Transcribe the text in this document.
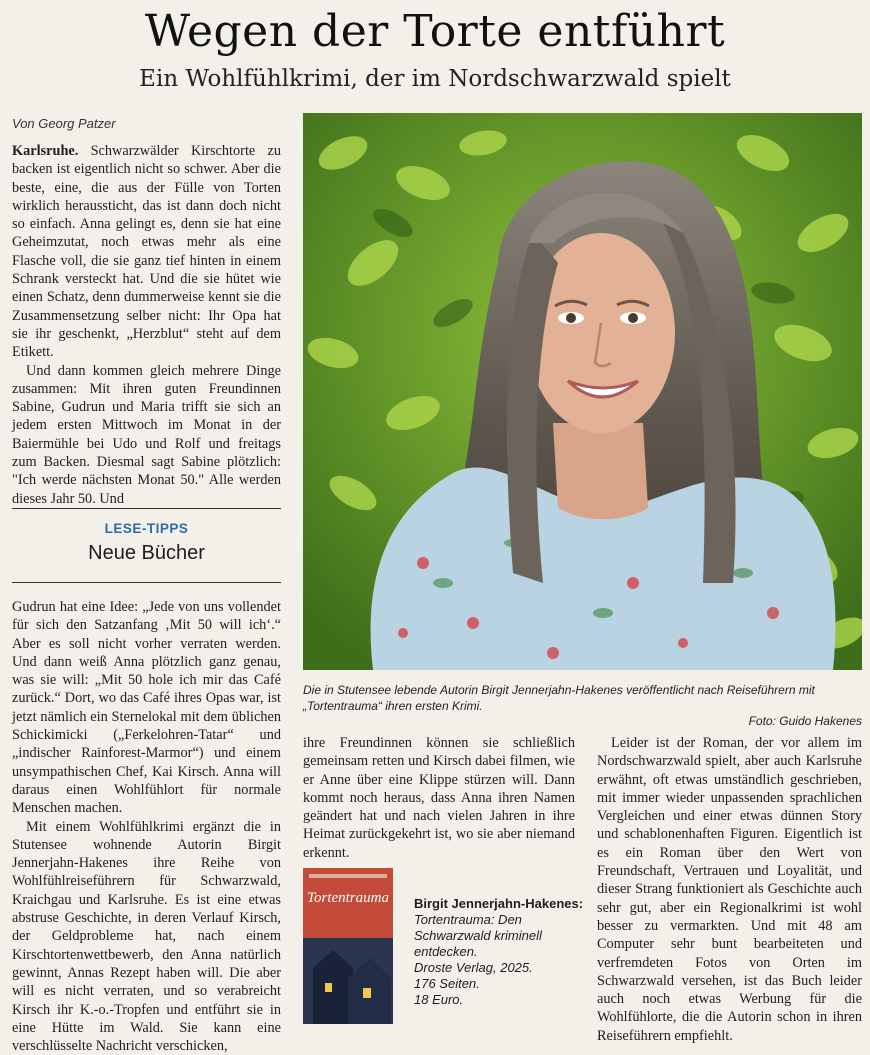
Wegen der Torte entführt
Ein Wohlfühlkrimi, der im Nordschwarzwald spielt
Von Georg Patzer

Karlsruhe. Schwarzwälder Kirschtorte zu backen ist eigentlich nicht so schwer. Aber die beste, eine, die aus der Fülle von Torten wirklich heraussticht, das ist dann doch nicht so einfach. Anna gelingt es, denn sie hat eine Geheimzutat, noch etwas mehr als eine Flasche voll, die sie ganz tief hinten in einem Schrank versteckt hat. Und die sie hütet wie einen Schatz, denn dummerweise kennt sie die Zusammensetzung selber nicht: Ihr Opa hat sie ihr geschenkt, „Herzblut“ steht auf dem Etikett.

Und dann kommen gleich mehrere Dinge zusammen: Mit ihren guten Freundinnen Sabine, Gudrun und Maria trifft sie sich an jedem ersten Mittwoch im Monat in der Baiermühle bei Udo und Rolf und freitags zum Backen. Diesmal sagt Sabine plötzlich: "Ich werde nächsten Monat 50." Alle werden dieses Jahr 50. Und

LESE-TIPPS
Neue Bücher

Gudrun hat eine Idee: „Jede von uns vollendet für sich den Satzanfang ‚Mit 50 will ich‘.“ Aber es soll nicht vorher verraten werden. Und dann weiß Anna plötzlich ganz genau, was sie will: „Mit 50 hole ich mir das Café zurück.“ Dort, wo das Café ihres Opas war, ist jetzt nämlich ein Sternelokal mit dem üblichen Schickimicki („Ferkelohren-Tatar“ und „indischer Rainforest-Marmor“) und einem unsympathischen Chef, Kai Kirsch. Anna will daraus einen Wohlfühlort für normale Menschen machen.

Mit einem Wohlfühlkrimi ergänzt die in Stutensee wohnende Autorin Birgit Jennerjahn-Hakenes ihre Reihe von Wohlfühlreiseführern für Schwarzwald, Kraichgau und Karlsruhe. Es ist eine etwas abstruse Geschichte, in deren Verlauf Kirsch, der Geldprobleme hat, nach einem Kirschtortenwettbewerb, den Anna natürlich gewinnt, Annas Rezept haben will. Die aber will es nicht verraten, und so verabreicht Kirsch ihr K.-o.-Tropfen und entführt sie in eine Hütte im Wald. Sie kann eine verschlüsselte Nachricht verschicken,

Die in Stutensee lebende Autorin Birgit Jennerjahn-Hakenes veröffentlicht nach Reiseführern mit „Tortentrauma“ ihren ersten Krimi.
Foto: Guido Hakenes

ihre Freundinnen können sie schließlich gemeinsam retten und Kirsch dabei filmen, wie er Anne über eine Klippe stürzen will. Dann kommt noch heraus, dass Anna ihren Namen geändert hat und nach vielen Jahren in ihre Heimat zurückgekehrt ist, wo sie aber niemand erkennt.

Leider ist der Roman, der vor allem im Nordschwarzwald spielt, aber auch Karlsruhe erwähnt, oft etwas umständlich geschrieben, mit immer wieder unpassenden sprachlichen Vergleichen und einer etwas dünnen Story und schablonenhaften Figuren. Eigentlich ist es ein Roman über den Wert von Freundschaft, Vertrauen und Loyalität, und dieser Strang funktioniert als Geschichte auch sehr gut, aber ein Regionalkrimi ist wohl besser zu vermarkten. Und mit 48 am Computer sehr bunt bearbeiteten und verfremdeten Fotos von Orten im Schwarzwald versehen, ist das Buch leider auch noch etwas Werbung für die Wohlfühlorte, die die Autorin schon in ihren Reiseführern empfiehlt.

Tortentrauma Birgit Jennerjahn-Hakenes:
Tortentrauma: Den Schwarzwald kriminell entdecken.
Droste Verlag, 2025.
176 Seiten.
18 Euro.
